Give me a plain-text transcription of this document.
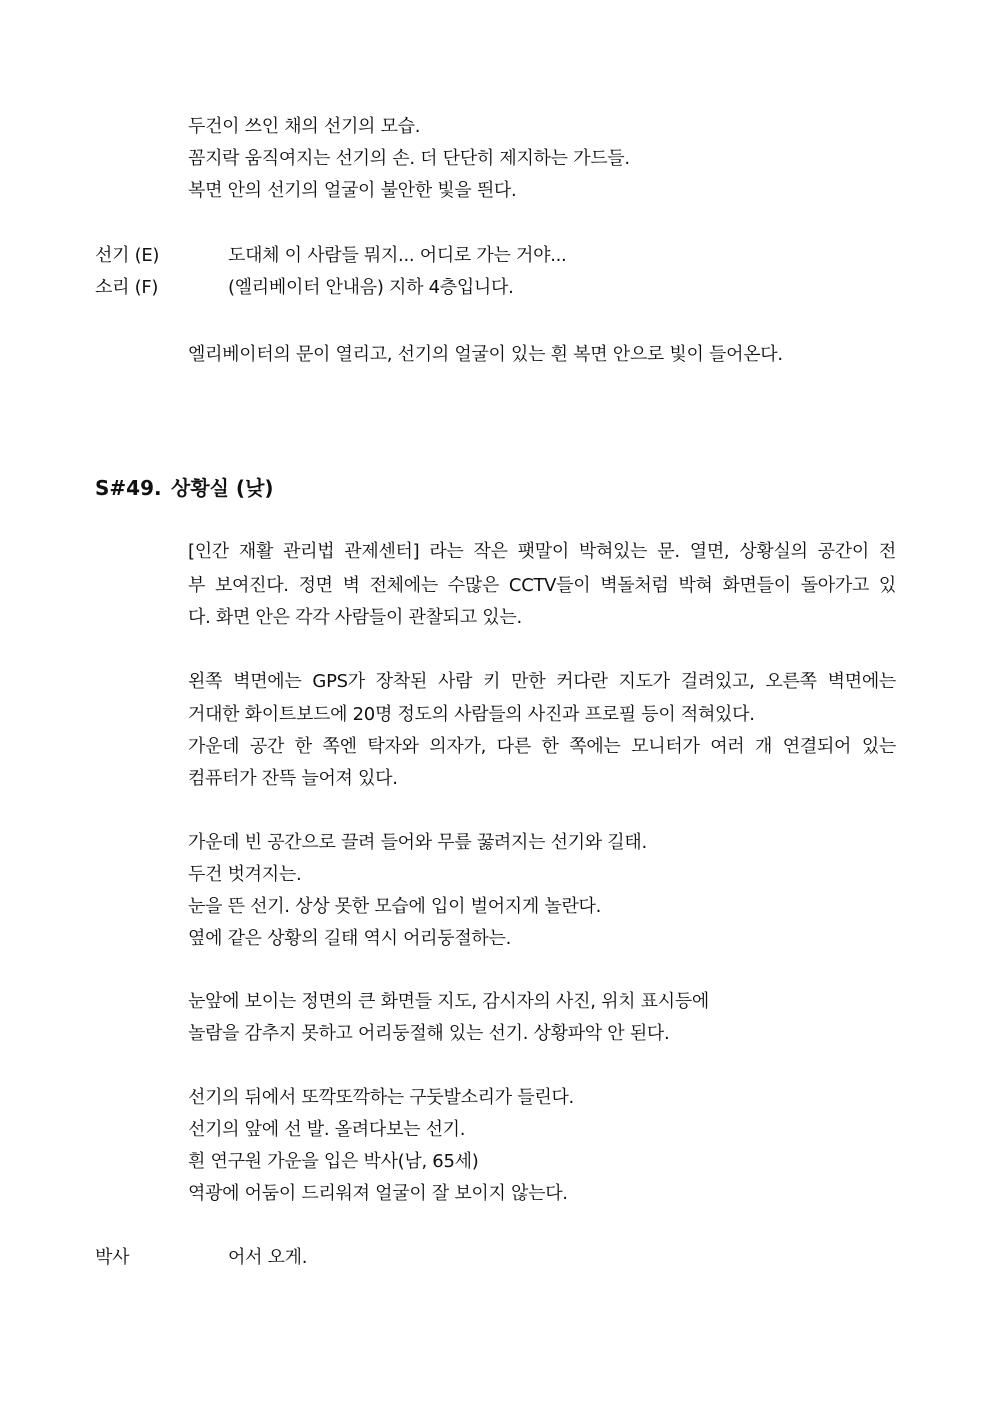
두건이 쓰인 채의 선기의 모습.
꼼지락 움직여지는 선기의 손. 더 단단히 제지하는 가드들.
복면 안의 선기의 얼굴이 불안한 빛을 띈다.
선기 (E)	도대체 이 사람들 뭐지... 어디로 가는 거야...
소리 (F)	(엘리베이터 안내음) 지하 4층입니다.
엘리베이터의 문이 열리고, 선기의 얼굴이 있는 흰 복면 안으로 빛이 들어온다.
S#49. 상황실 (낮)
[인간 재활 관리법 관제센터] 라는 작은 팻말이 박혀있는 문. 열면, 상황실의 공간이 전
부 보여진다. 정면 벽 전체에는 수많은 CCTV들이 벽돌처럼 박혀 화면들이 돌아가고 있
다. 화면 안은 각각 사람들이 관찰되고 있는.
왼쪽 벽면에는 GPS가 장착된 사람 키 만한 커다란 지도가 걸려있고, 오른쪽 벽면에는
거대한 화이트보드에 20명 정도의 사람들의 사진과 프로필 등이 적혀있다.
가운데 공간 한 쪽엔 탁자와 의자가, 다른 한 쪽에는 모니터가 여러 개 연결되어 있는
컴퓨터가 잔뜩 늘어져 있다.
가운데 빈 공간으로 끌려 들어와 무릎 꿇려지는 선기와 길태.
두건 벗겨지는.
눈을 뜬 선기. 상상 못한 모습에 입이 벌어지게 놀란다.
옆에 같은 상황의 길태 역시 어리둥절하는.
눈앞에 보이는 정면의 큰 화면들 지도, 감시자의 사진, 위치 표시등에
놀람을 감추지 못하고 어리둥절해 있는 선기. 상황파악 안 된다.
선기의 뒤에서 또깍또깍하는 구둣발소리가 들린다.
선기의 앞에 선 발. 올려다보는 선기.
흰 연구원 가운을 입은 박사(남, 65세)
역광에 어둠이 드리워져 얼굴이 잘 보이지 않는다.
박사	어서 오게.
